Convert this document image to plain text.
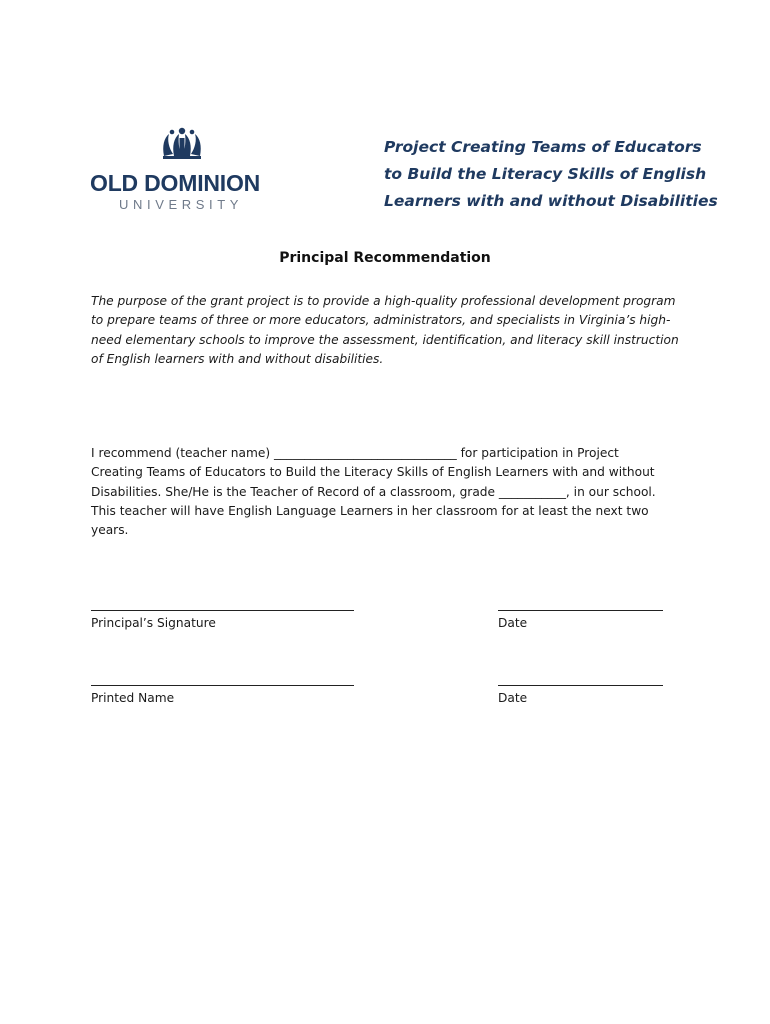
OLD DOMINION
UNIVERSITY
Project Creating Teams of Educators
to Build the Literacy Skills of English
Learners with and without Disabilities
Principal Recommendation
The purpose of the grant project is to provide a high-quality professional development program
to prepare teams of three or more educators, administrators, and specialists in Virginia’s high-
need elementary schools to improve the assessment, identification, and literacy skill instruction
of English learners with and without disabilities.
I recommend (teacher name) ______________________________ for participation in Project
Creating Teams of Educators to Build the Literacy Skills of English Learners with and without
Disabilities. She/He is the Teacher of Record of a classroom, grade ___________, in our school.
This teacher will have English Language Learners in her classroom for at least the next two
years.
Principal’s Signature	Date
Printed Name	Date
